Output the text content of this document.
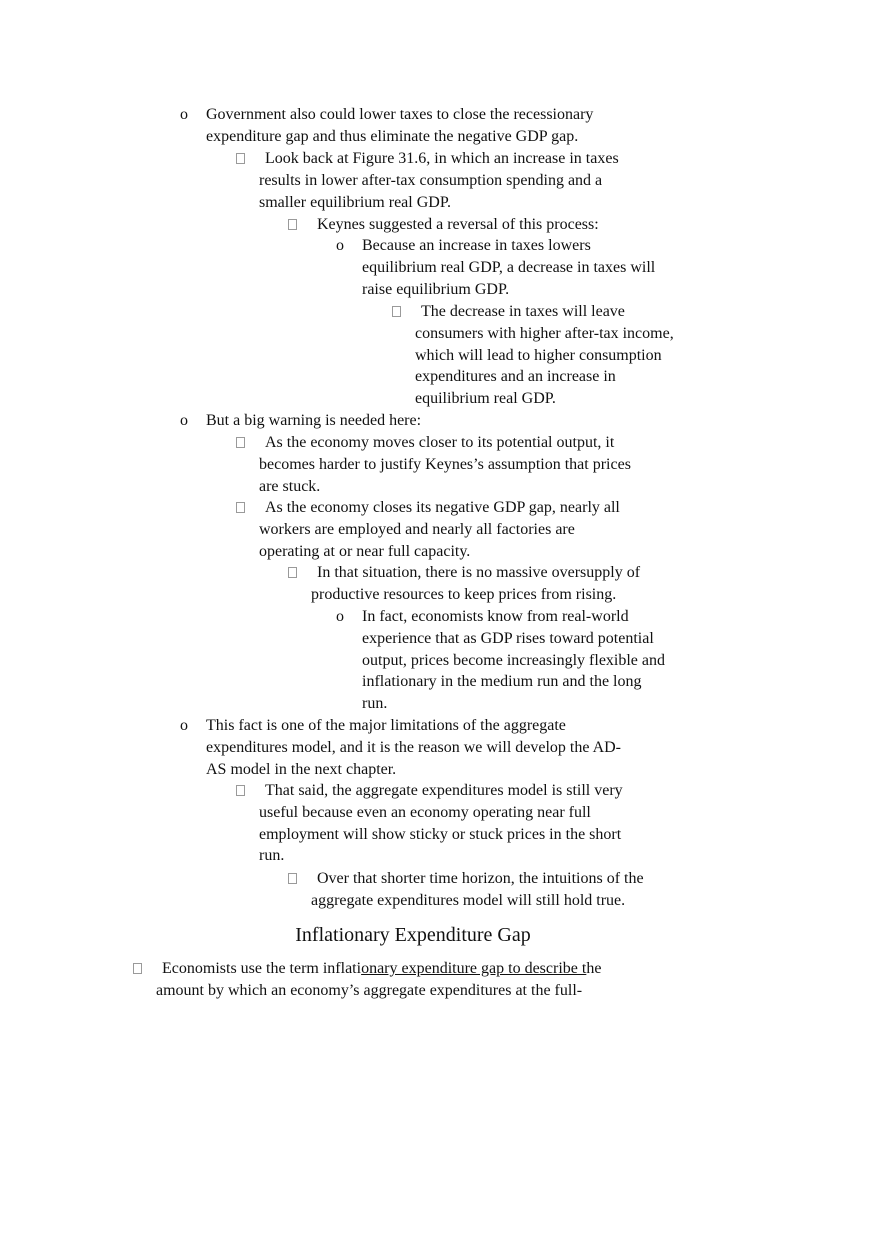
o	Government also could lower taxes to close the recessionary
expenditure gap and thus eliminate the negative GDP gap.
Look back at Figure 31.6, in which an increase in taxes
results in lower after-tax consumption spending and a
smaller equilibrium real GDP.
Keynes suggested a reversal of this process:
o	Because an increase in taxes lowers
equilibrium real GDP, a decrease in taxes will
raise equilibrium GDP.
The decrease in taxes will leave
consumers with higher after-tax income,
which will lead to higher consumption
expenditures and an increase in
equilibrium real GDP.
o	But a big warning is needed here:
As the economy moves closer to its potential output, it
becomes harder to justify Keynes’s assumption that prices
are stuck.
As the economy closes its negative GDP gap, nearly all
workers are employed and nearly all factories are
operating at or near full capacity.
In that situation, there is no massive oversupply of
productive resources to keep prices from rising.
o	In fact, economists know from real-world
experience that as GDP rises toward potential
output, prices become increasingly flexible and
inflationary in the medium run and the long
run.
o	This fact is one of the major limitations of the aggregate
expenditures model, and it is the reason we will develop the AD-
AS model in the next chapter.
That said, the aggregate expenditures model is still very
useful because even an economy operating near full
employment will show sticky or stuck prices in the short
run.
Over that shorter time horizon, the intuitions of the
aggregate expenditures model will still hold true.
Inflationary Expenditure Gap
Economists use the term inflationary expenditure gap to describe the
amount by which an economy’s aggregate expenditures at the full-
